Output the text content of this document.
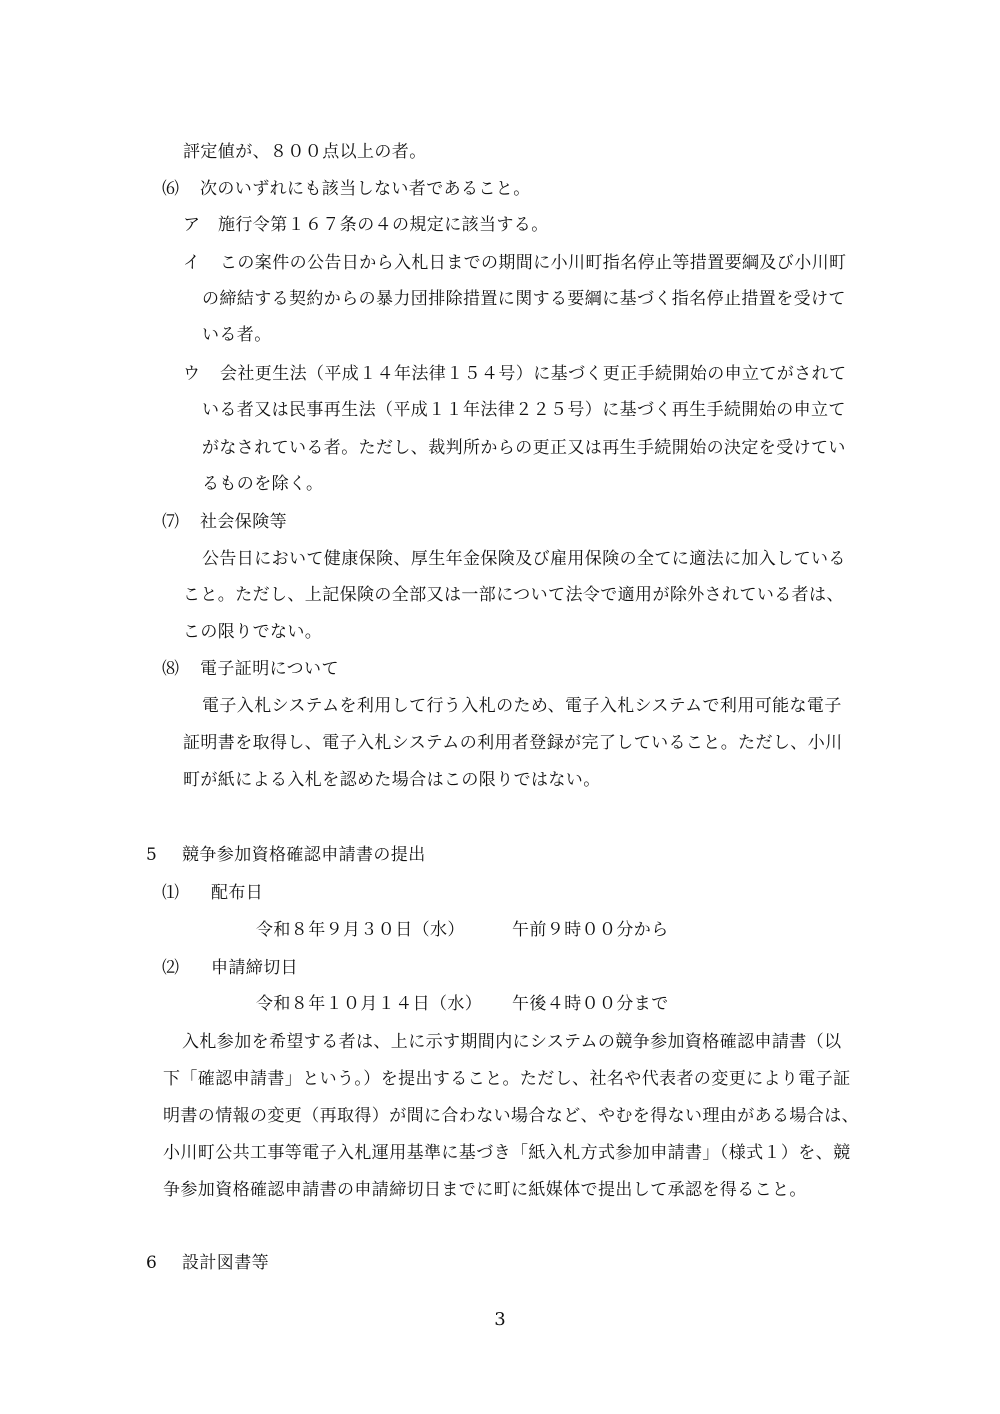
評定値が、８００点以上の者。
⑹ 次のいずれにも該当しない者であること。
ア 施行令第１６７条の４の規定に該当する。
イ この案件の公告日から入札日までの期間に小川町指名停止等措置要綱及び小川町
の締結する契約からの暴力団排除措置に関する要綱に基づく指名停止措置を受けて
いる者。
ウ 会社更生法（平成１４年法律１５４号）に基づく更正手続開始の申立てがされて
いる者又は民事再生法（平成１１年法律２２５号）に基づく再生手続開始の申立て
がなされている者。ただし、裁判所からの更正又は再生手続開始の決定を受けてい
るものを除く。
⑺ 社会保険等
公告日において健康保険、厚生年金保険及び雇用保険の全てに適法に加入している
こと。ただし、上記保険の全部又は一部について法令で適用が除外されている者は、
この限りでない。
⑻ 電子証明について
電子入札システムを利用して行う入札のため、電子入札システムで利用可能な電子
証明書を取得し、電子入札システムの利用者登録が完了していること。ただし、小川
町が紙による入札を認めた場合はこの限りではない。
5 競争参加資格確認申請書の提出
⑴ 配布日
令和８年９月３０日（水）	午前９時００分から
⑵ 申請締切日
令和８年１０月１４日（水） 午後４時００分まで
入札参加を希望する者は、上に示す期間内にシステムの競争参加資格確認申請書（以
下「確認申請書」という。）を提出すること。ただし、社名や代表者の変更により電子証
明書の情報の変更（再取得）が間に合わない場合など、やむを得ない理由がある場合は、
小川町公共工事等電子入札運用基準に基づき「紙入札方式参加申請書」（様式１）を、競
争参加資格確認申請書の申請締切日までに町に紙媒体で提出して承認を得ること。
6 設計図書等
3
